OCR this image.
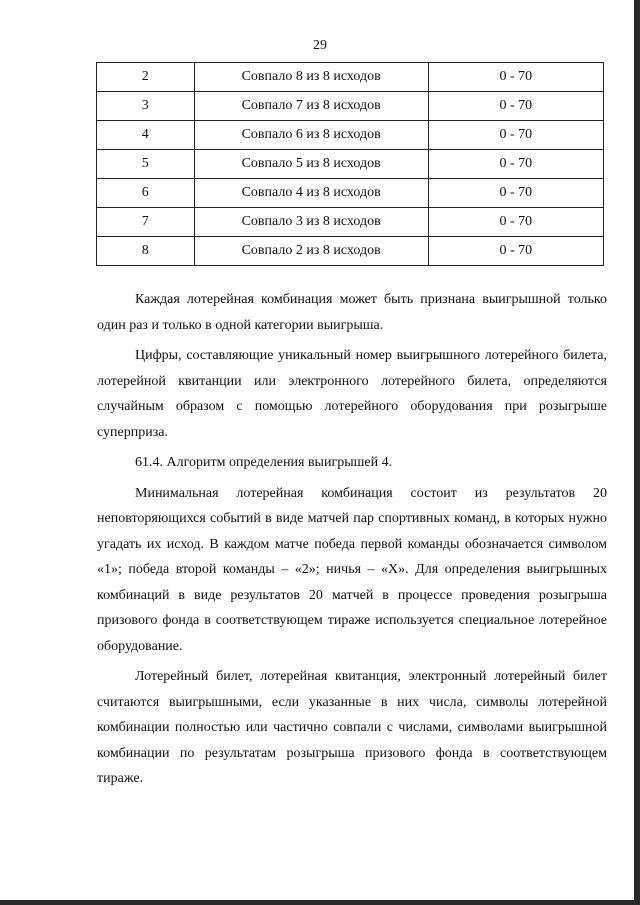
29
2	Совпало 8 из 8 исходов	0 - 70
3	Совпало 7 из 8 исходов	0 - 70
4	Совпало 6 из 8 исходов	0 - 70
5	Совпало 5 из 8 исходов	0 - 70
6	Совпало 4 из 8 исходов	0 - 70
7	Совпало 3 из 8 исходов	0 - 70
8	Совпало 2 из 8 исходов	0 - 70

Каждая лотерейная комбинация может быть признана выигрышной только один раз и только в одной категории выигрыша.

Цифры, составляющие уникальный номер выигрышного лотерейного билета, лотерейной квитанции или электронного лотерейного билета, определяются случайным образом с помощью лотерейного оборудования при розыгрыше суперприза.

61.4. Алгоритм определения выигрышей 4.

Минимальная лотерейная комбинация состоит из результатов 20 неповторяющихся событий в виде матчей пар спортивных команд, в которых нужно угадать их исход. В каждом матче победа первой команды обозначается символом «1»; победа второй команды – «2»; ничья – «X». Для определения выигрышных комбинаций в виде результатов 20 матчей в процессе проведения розыгрыша призового фонда в соответствующем тираже используется специальное лотерейное оборудование.

Лотерейный билет, лотерейная квитанция, электронный лотерейный билет считаются выигрышными, если указанные в них числа, символы лотерейной комбинации полностью или частично совпали с числами, символами выигрышной комбинации по результатам розыгрыша призового фонда в соответствующем тираже.
